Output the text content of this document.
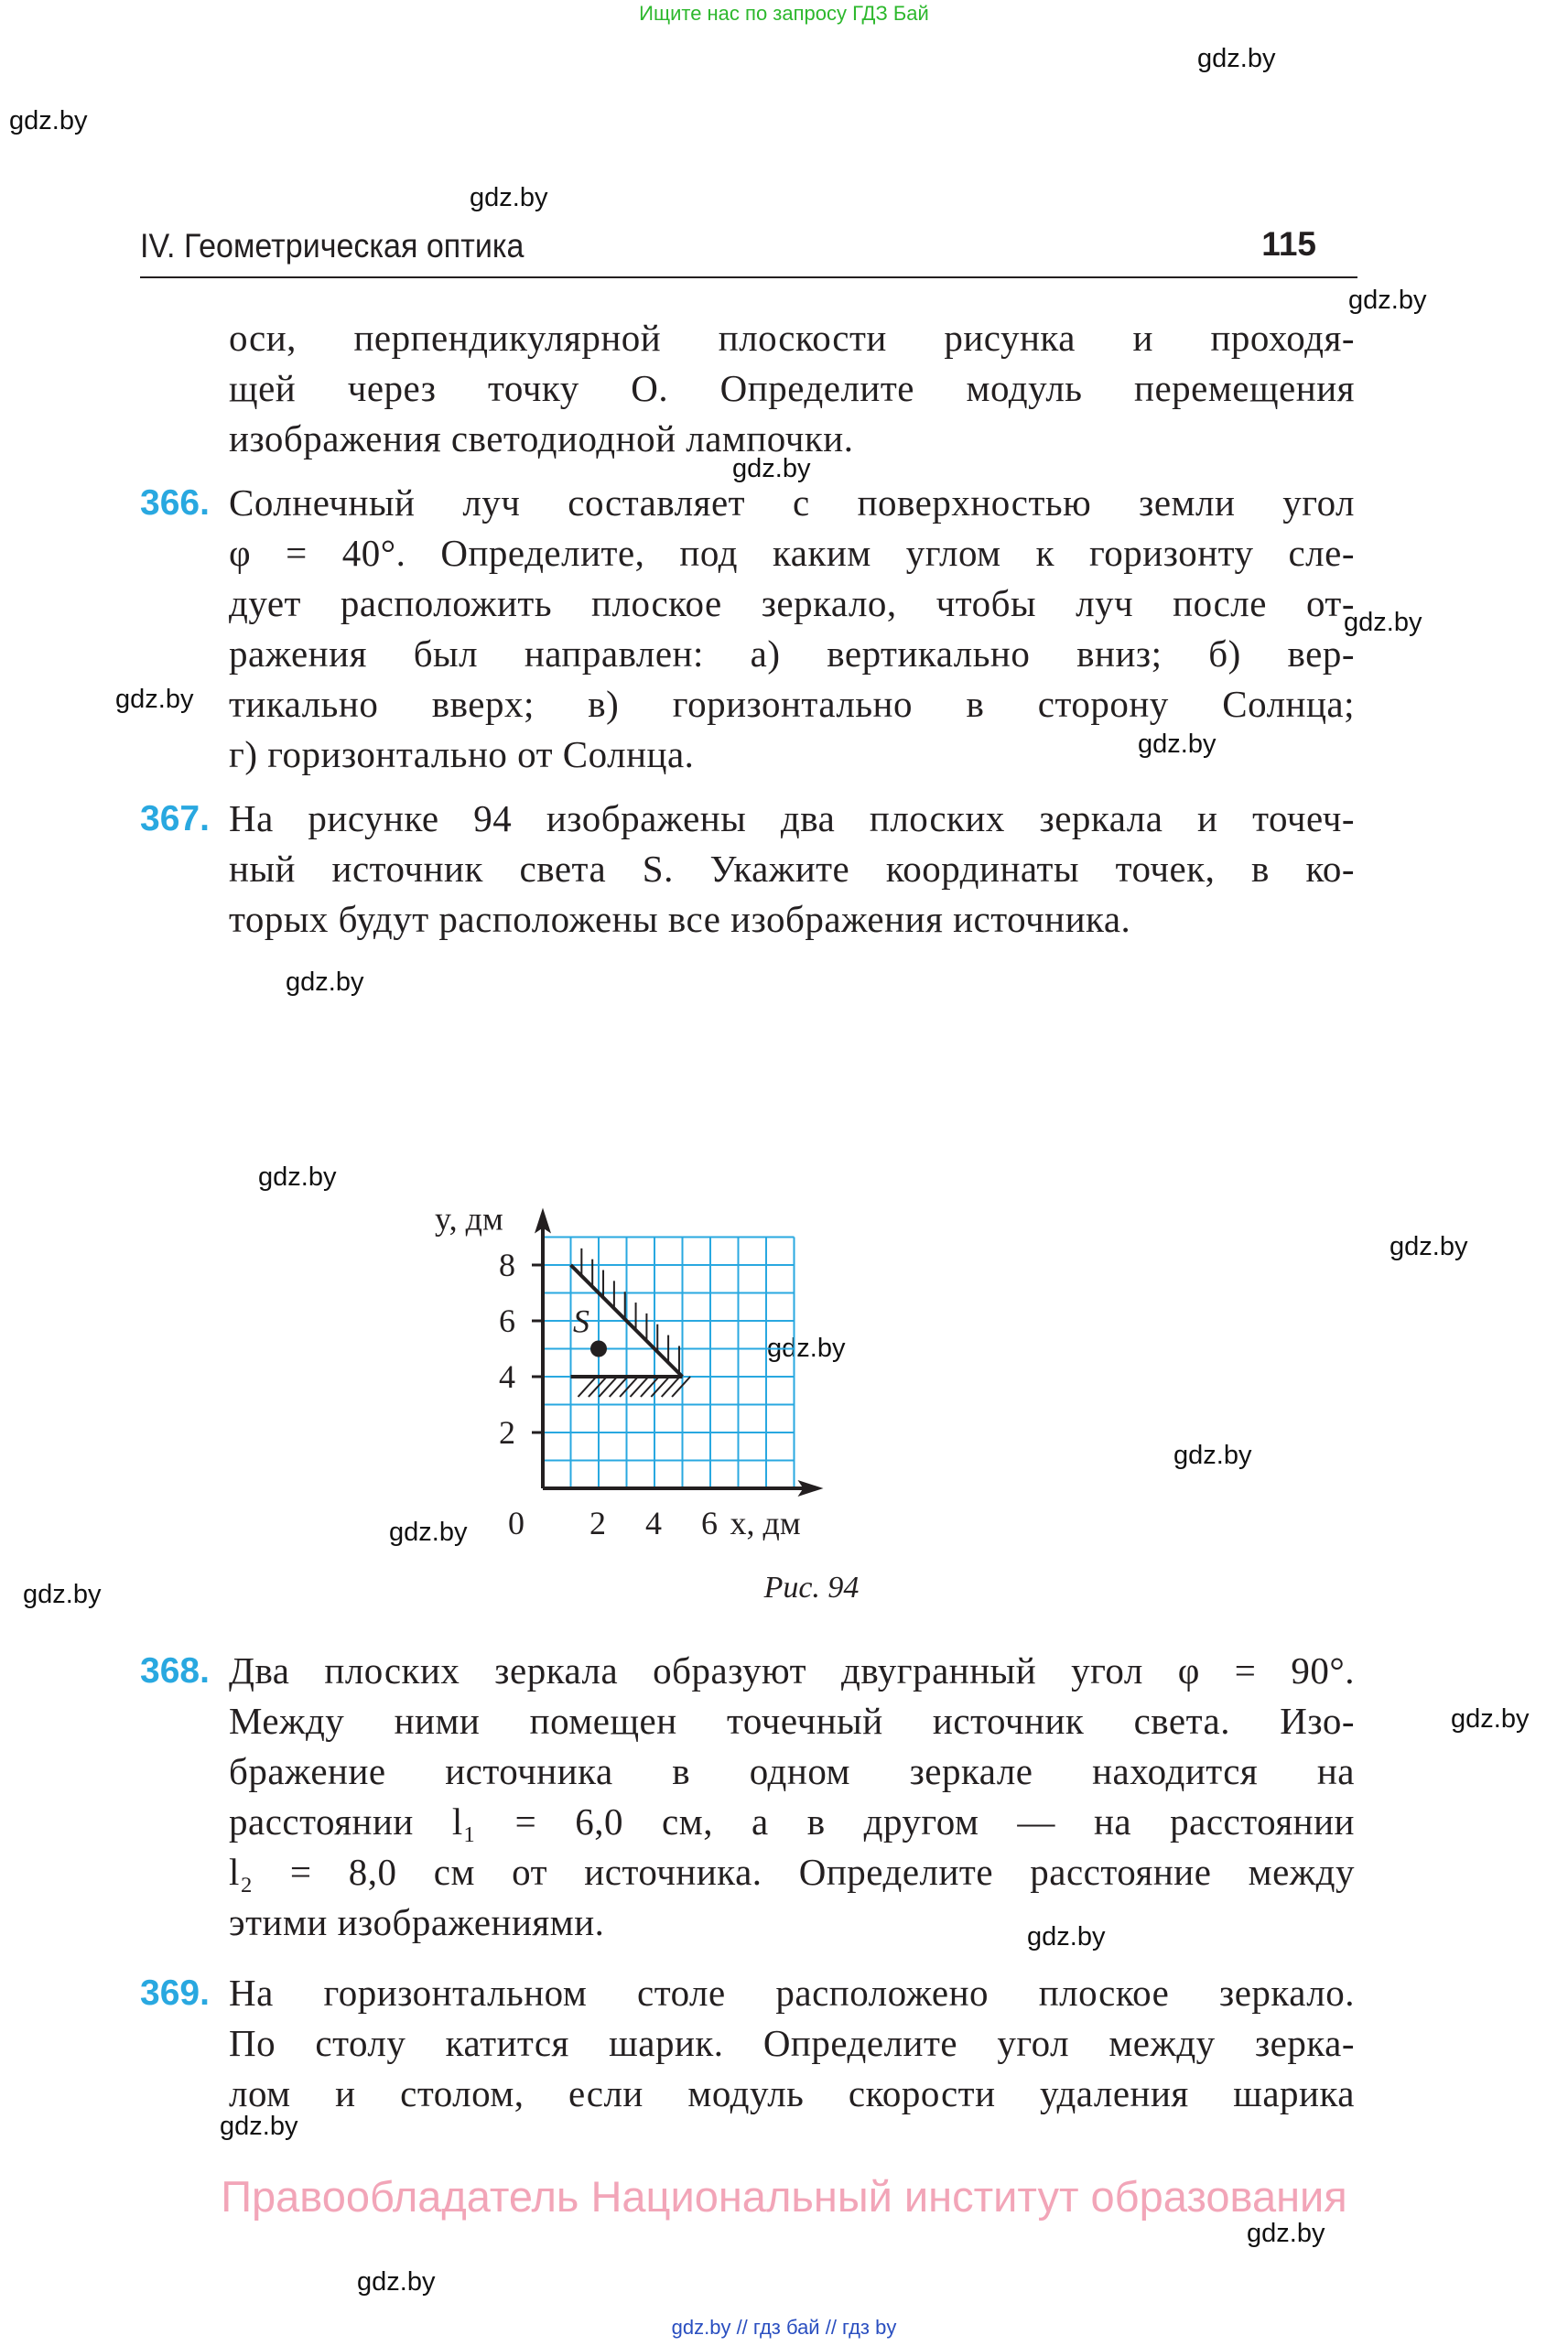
Ищите нас по запросу ГДЗ Бай
gdz.by
gdz.by
gdz.by
gdz.by
gdz.by
gdz.by
gdz.by
gdz.by
gdz.by
gdz.by
gdz.by
gdz.by
gdz.by
gdz.by
gdz.by
gdz.by
gdz.by
gdz.by
gdz.by
gdz.by
IV. Геометрическая оптика	115
оси, перпендикулярной плоскости рисунка и проходя-
щей через точку O. Определите модуль перемещения
изображения светодиодной лампочки.
366. Солнечный луч составляет с поверхностью земли угол
φ = 40°. Определите, под каким углом к горизонту сле-
дует расположить плоское зеркало, чтобы луч после от-
ражения был направлен: а) вертикально вниз; б) вер-
тикально вверх; в) горизонтально в сторону Солнца;
г) горизонтально от Солнца.
367. На рисунке 94 изображены два плоских зеркала и точеч-
ный источник света S. Укажите координаты точек, в ко-
торых будут расположены все изображения источника.
S
0 2 4 6
2
4
6
8
x, дм
y, дм
Рис. 94
368. Два плоских зеркала образуют двугранный угол φ = 90°.
Между ними помещен точечный источник света. Изо-
бражение источника в одном зеркале находится на
расстоянии l₁ = 6,0 см, а в другом — на расстоянии
l₂ = 8,0 см от источника. Определите расстояние между
этими изображениями.
369. На горизонтальном столе расположено плоское зеркало.
По столу катится шарик. Определите угол между зерка-
лом и столом, если модуль скорости удаления шарика
Правообладатель Национальный институт образования
gdz.by // гдз бай // гдз by
